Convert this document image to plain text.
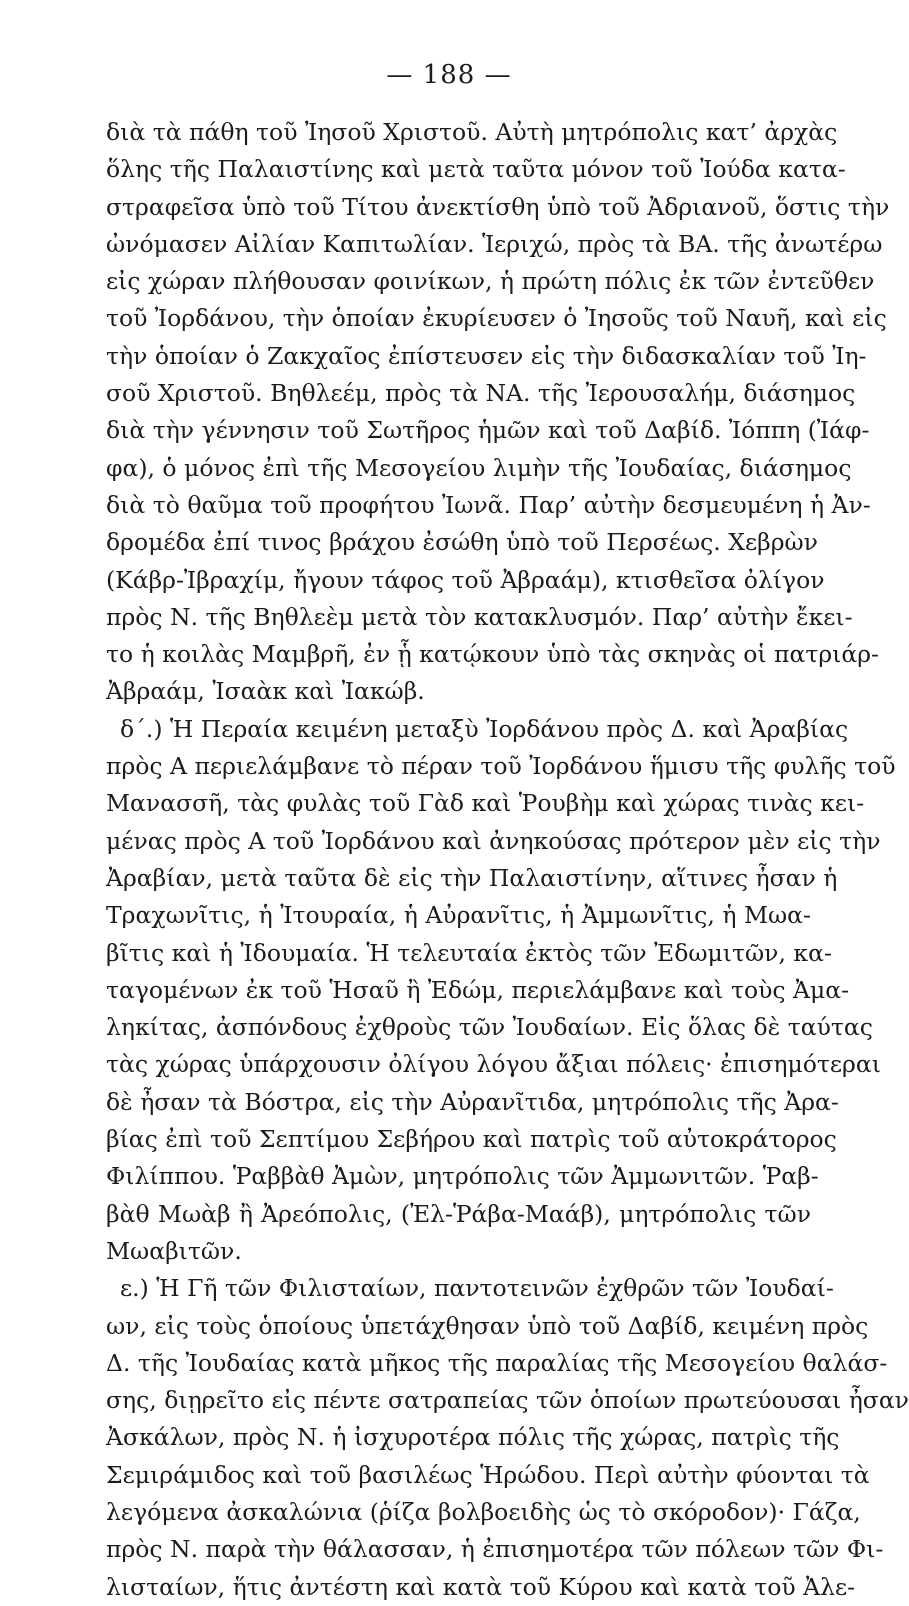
— 188 —
διὰ τὰ πάθη τοῦ Ἰησοῦ Χριστοῦ. Αὐτὴ μητρόπολις κατ’ ἀρχὰς
ὅλης τῆς Παλαιστίνης καὶ μετὰ ταῦτα μόνον τοῦ Ἰούδα κατα-
στραφεῖσα ὑπὸ τοῦ Τίτου ἀνεκτίσθη ὑπὸ τοῦ Ἀδριανοῦ, ὅστις τὴν
ὠνόμασεν Αἰλίαν Καπιτωλίαν. Ἱεριχώ, πρὸς τὰ ΒΑ. τῆς ἀνωτέρω
εἰς χώραν πλήθουσαν φοινίκων, ἡ πρώτη πόλις ἐκ τῶν ἐντεῦθεν
τοῦ Ἰορδάνου, τὴν ὁποίαν ἐκυρίευσεν ὁ Ἰησοῦς τοῦ Ναυῆ, καὶ εἰς
τὴν ὁποίαν ὁ Ζακχαῖος ἐπίστευσεν εἰς τὴν διδασκαλίαν τοῦ Ἰη-
σοῦ Χριστοῦ. Βηθλεέμ, πρὸς τὰ ΝΑ. τῆς Ἰερουσαλήμ, διάσημος
διὰ τὴν γέννησιν τοῦ Σωτῆρος ἡμῶν καὶ τοῦ Δαβίδ. Ἰόππη (Ἰάφ-
φα), ὁ μόνος ἐπὶ τῆς Μεσογείου λιμὴν τῆς Ἰουδαίας, διάσημος
διὰ τὸ θαῦμα τοῦ προφήτου Ἰωνᾶ. Παρ’ αὐτὴν δεσμευμένη ἡ Ἀν-
δρομέδα ἐπί τινος βράχου ἐσώθη ὑπὸ τοῦ Περσέως. Χεβρὼν
(Κάβρ-Ἰβραχίμ, ἤγουν τάφος τοῦ Ἀβραάμ), κτισθεῖσα ὀλίγον
πρὸς Ν. τῆς Βηθλεὲμ μετὰ τὸν κατακλυσμόν. Παρ’ αὐτὴν ἔκει-
το ἡ κοιλὰς Μαμβρῆ, ἐν ᾗ κατῴκουν ὑπὸ τὰς σκηνὰς οἱ πατριάρ-
Ἀβραάμ, Ἰσαὰκ καὶ Ἰακώβ.
δ΄.) Ἡ Περαία κειμένη μεταξὺ Ἰορδάνου πρὸς Δ. καὶ Ἀραβίας
πρὸς Α περιελάμβανε τὸ πέραν τοῦ Ἰορδάνου ἥμισυ τῆς φυλῆς τοῦ
Μανασσῆ, τὰς φυλὰς τοῦ Γὰδ καὶ Ῥουβὴμ καὶ χώρας τινὰς κει-
μένας πρὸς Α τοῦ Ἰορδάνου καὶ ἀνηκούσας πρότερον μὲν εἰς τὴν
Ἀραβίαν, μετὰ ταῦτα δὲ εἰς τὴν Παλαιστίνην, αἵτινες ἦσαν ἡ
Τραχωνῖτις, ἡ Ἰτουραία, ἡ Αὐρανῖτις, ἡ Ἀμμωνῖτις, ἡ Μωα-
βῖτις καὶ ἡ Ἰδουμαία. Ἡ τελευταία ἐκτὸς τῶν Ἐδωμιτῶν, κα-
ταγομένων ἐκ τοῦ Ἡσαῦ ἢ Ἐδώμ, περιελάμβανε καὶ τοὺς Ἀμα-
ληκίτας, ἀσπόνδους ἐχθροὺς τῶν Ἰουδαίων. Εἰς ὅλας δὲ ταύτας
τὰς χώρας ὑπάρχουσιν ὀλίγου λόγου ἄξιαι πόλεις· ἐπισημότεραι
δὲ ἦσαν τὰ Βόστρα, εἰς τὴν Αὐρανῖτιδα, μητρόπολις τῆς Ἀρα-
βίας ἐπὶ τοῦ Σεπτίμου Σεβήρου καὶ πατρὶς τοῦ αὐτοκράτορος
Φιλίππου. Ῥαββὰθ Ἀμὼν, μητρόπολις τῶν Ἀμμωνιτῶν. Ῥαβ-
βὰθ Μωὰβ ἢ Ἀρεόπολις, (Ἐλ-Ῥάβα-Μαάβ), μητρόπολις τῶν
Μωαβιτῶν.
ε.) Ἡ Γῆ τῶν Φιλισταίων, παντοτεινῶν ἐχθρῶν τῶν Ἰουδαί-
ων, εἰς τοὺς ὁποίους ὑπετάχθησαν ὑπὸ τοῦ Δαβίδ, κειμένη πρὸς
Δ. τῆς Ἰουδαίας κατὰ μῆκος τῆς παραλίας τῆς Μεσογείου θαλάσ-
σης, διῃρεῖτο εἰς πέντε σατραπείας τῶν ὁποίων πρωτεύουσαι ἦσαν
Ἀσκάλων, πρὸς Ν. ἡ ἰσχυροτέρα πόλις τῆς χώρας, πατρὶς τῆς
Σεμιράμιδος καὶ τοῦ βασιλέως Ἡρώδου. Περὶ αὐτὴν φύονται τὰ
λεγόμενα ἀσκαλώνια (ῥίζα βολβοειδὴς ὡς τὸ σκόροδον)· Γάζα,
πρὸς Ν. παρὰ τὴν θάλασσαν, ἡ ἐπισημοτέρα τῶν πόλεων τῶν Φι-
λισταίων, ἥτις ἀντέστη καὶ κατὰ τοῦ Κύρου καὶ κατὰ τοῦ Ἀλε-
